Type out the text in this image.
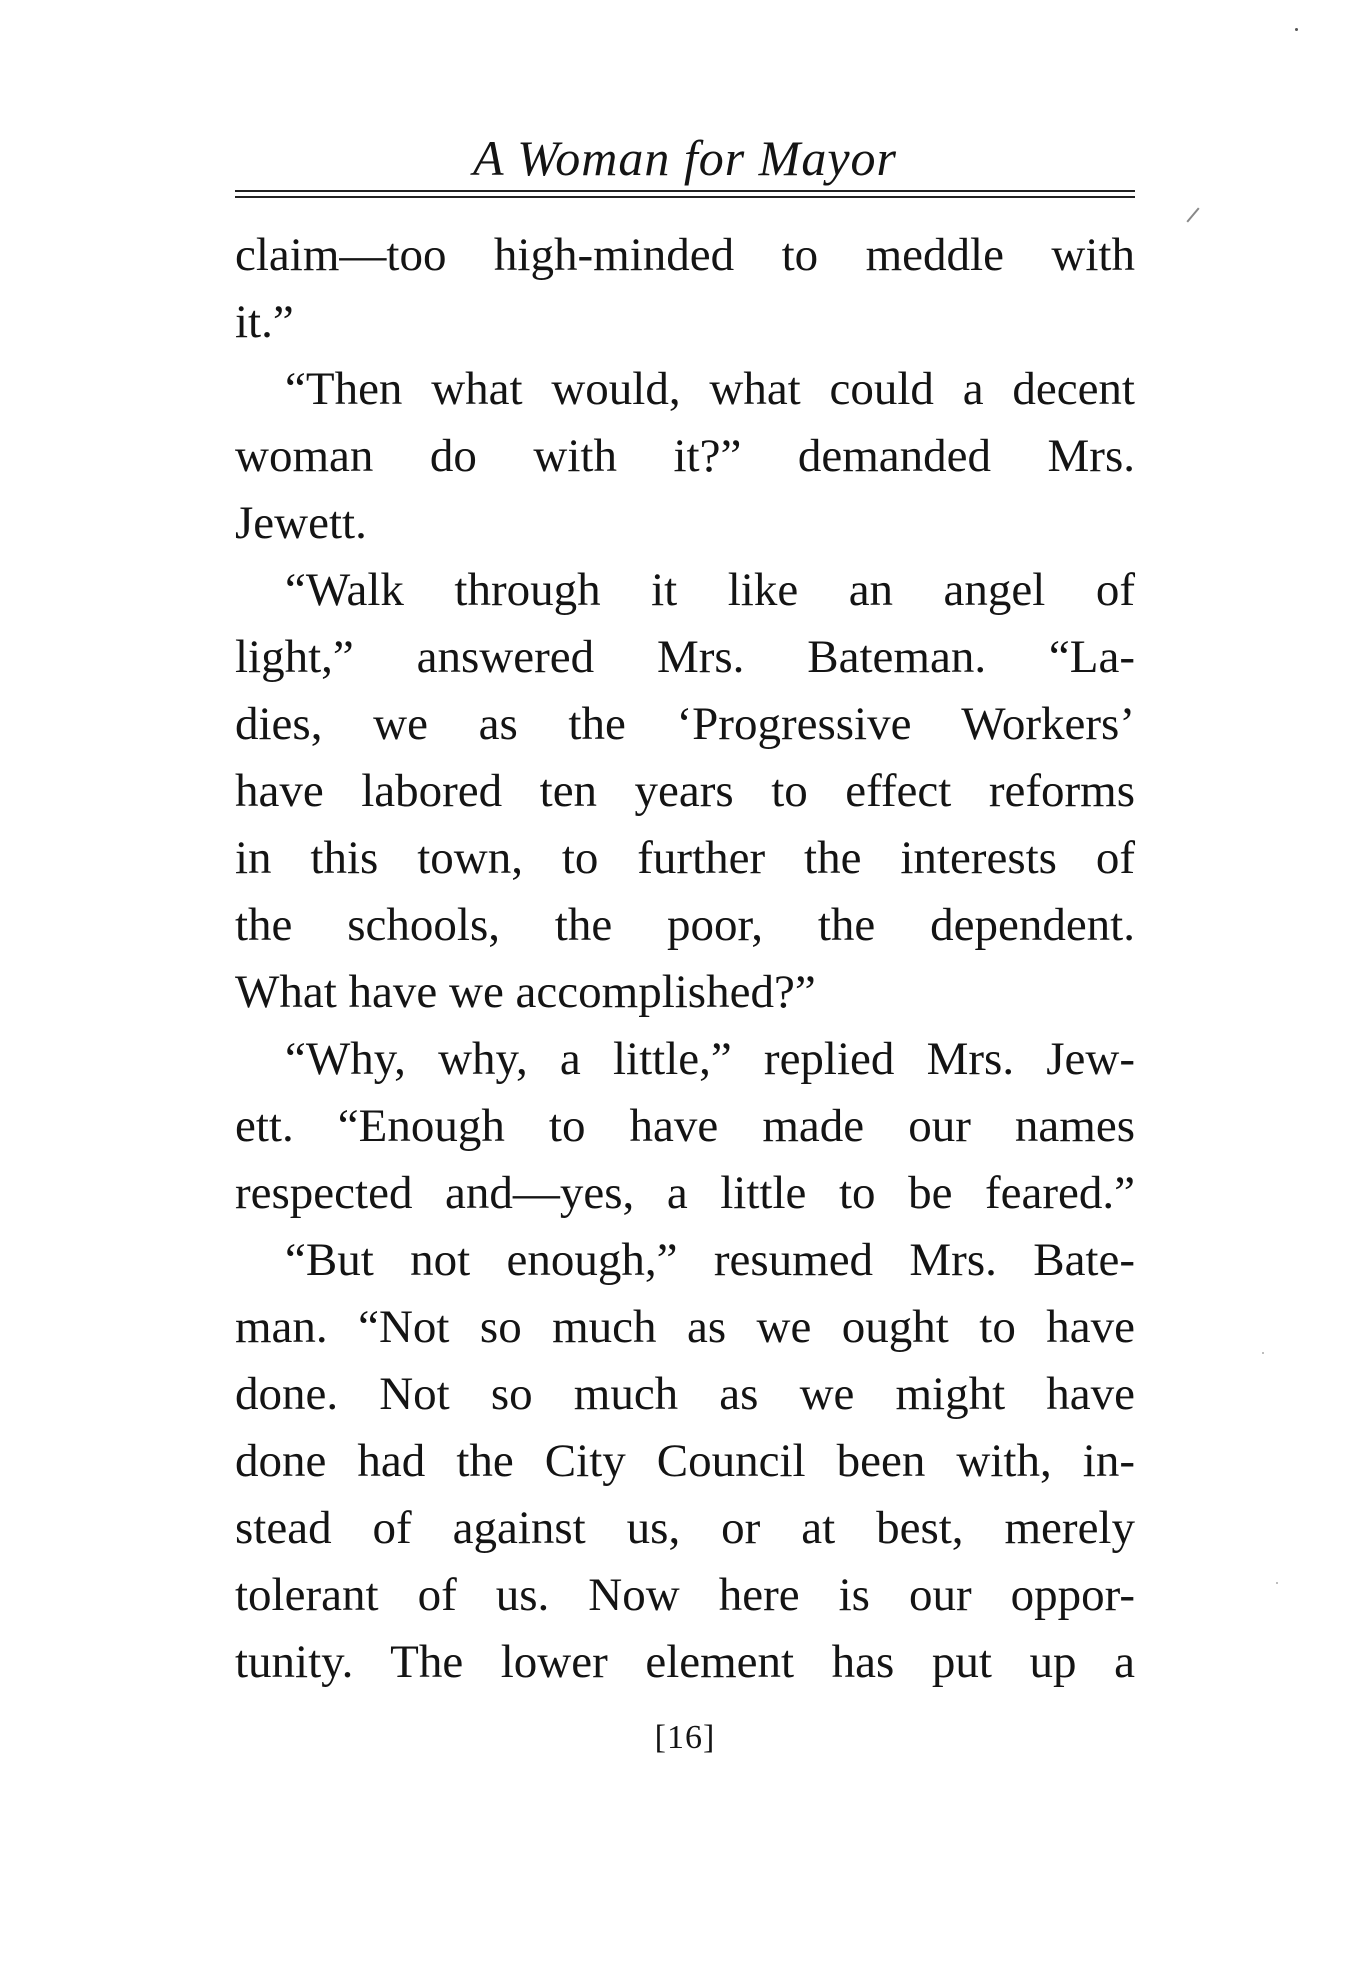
A Woman for Mayor
claim—too high-minded to meddle with
it.”
“Then what would, what could a decent
woman do with it?” demanded Mrs.
Jewett.
“Walk through it like an angel of
light,” answered Mrs. Bateman. “La-
dies, we as the ‘Progressive Workers’
have labored ten years to effect reforms
in this town, to further the interests of
the schools, the poor, the dependent.
What have we accomplished?”
“Why, why, a little,” replied Mrs. Jew-
ett. “Enough to have made our names
respected and—yes, a little to be feared.”
“But not enough,” resumed Mrs. Bate-
man. “Not so much as we ought to have
done. Not so much as we might have
done had the City Council been with, in-
stead of against us, or at best, merely
tolerant of us. Now here is our oppor-
tunity. The lower element has put up a
[16]
